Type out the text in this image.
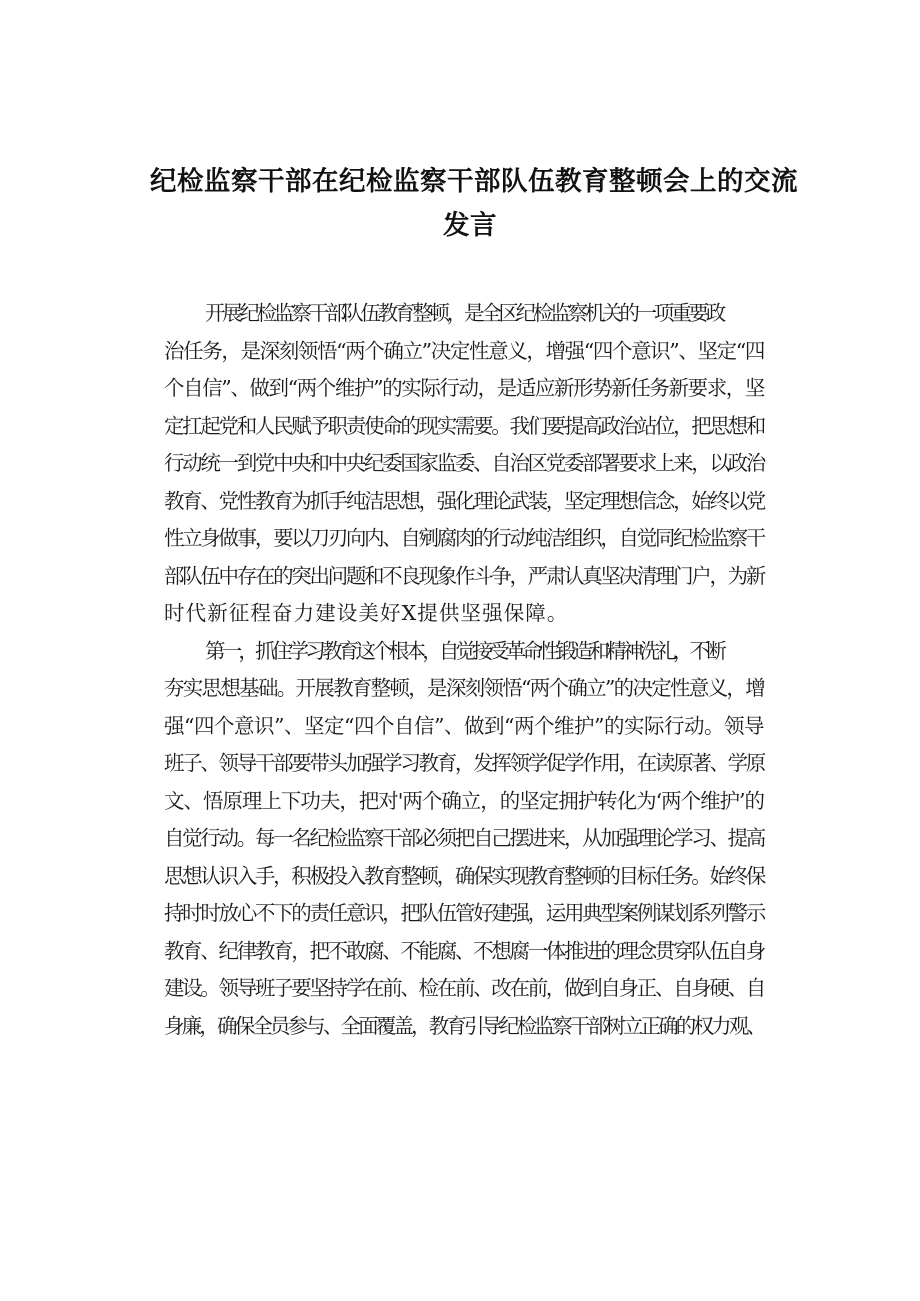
纪检监察干部在纪检监察干部队伍教育整顿会上的交流
发言
开展纪检监察干部队伍教育整顿，是全区纪检监察机关的一项重要政
治任务，是深刻领悟“两个确立”决定性意义，增强“四个意识”、坚定“四
个自信”、做到“两个维护”的实际行动，是适应新形势新任务新要求，坚
定扛起党和人民赋予职责使命的现实需要。我们要提高政治站位，把思想和
行动统一到党中央和中央纪委国家监委、自治区党委部署要求上来，以政治
教育、党性教育为抓手纯洁思想，强化理论武装，坚定理想信念，始终以党
性立身做事，要以刀刃向内、自剜腐肉的行动纯洁组织，自觉同纪检监察干
部队伍中存在的突出问题和不良现象作斗争，严肃认真坚决清理门户，为新
时代新征程奋力建设美好X提供坚强保障。
第一，抓住学习教育这个根本，自觉接受革命性锻造和精神洗礼，不断
夯实思想基础。开展教育整顿，是深刻领悟“两个确立”的决定性意义，增
强“四个意识”、坚定“四个自信”、做到“两个维护”的实际行动。领导
班子、领导干部要带头加强学习教育，发挥领学促学作用，在读原著、学原
文、悟原理上下功夫，把对'两个确立，的坚定拥护转化为‘两个维护’的
自觉行动。每一名纪检监察干部必须把自己摆进来，从加强理论学习、提高
思想认识入手，积极投入教育整顿，确保实现教育整顿的目标任务。始终保
持时时放心不下的责任意识，把队伍管好建强，运用典型案例谋划系列警示
教育、纪律教育，把不敢腐、不能腐、不想腐一体推进的理念贯穿队伍自身
建设。领导班子要坚持学在前、检在前、改在前，做到自身正、自身硬、自
身廉，确保全员参与、全面覆盖，教育引导纪检监察干部树立正确的权力观、
